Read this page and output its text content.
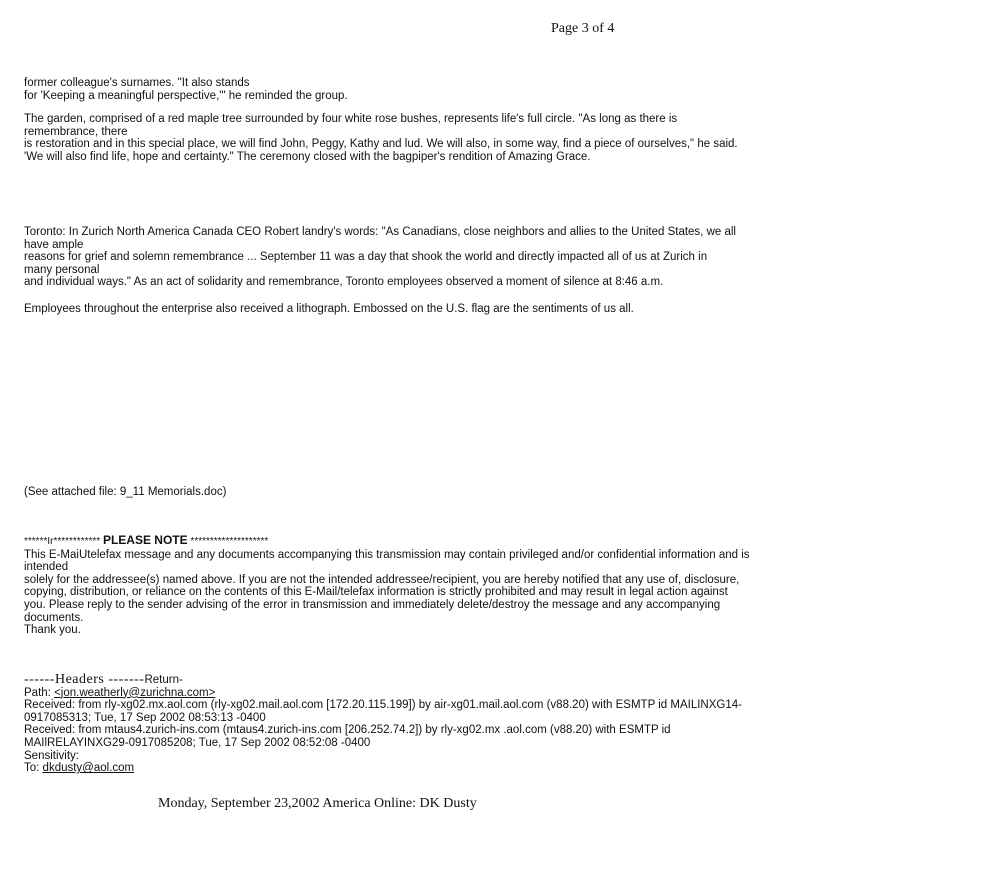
Page 3 of 4
former colleague's surnames. "It also stands
for 'Keeping a meaningful perspective,'" he reminded the group.
The garden, comprised of a red maple tree surrounded by four white rose bushes, represents life's full circle. "As long as there is
remembrance, there
is restoration and in this special place, we will find John, Peggy, Kathy and lud. We will also, in some way, find a piece of ourselves," he said.
'We will also find life, hope and certainty." The ceremony closed with the bagpiper's rendition of Amazing Grace.
Toronto: In Zurich North America Canada CEO Robert landry's words: "As Canadians, close neighbors and allies to the United States, we all
have ample
reasons for grief and solemn remembrance ... September 11 was a day that shook the world and directly impacted all of us at Zurich in
many personal
and individual ways." As an act of solidarity and remembrance, Toronto employees observed a moment of silence at 8:46 a.m.
Employees throughout the enterprise also received a lithograph. Embossed on the U.S. flag are the sentiments of us all.
(See attached file: 9_11 Memorials.doc)
******Ir************ PLEASE NOTE ********************
This E-MaiUtelefax message and any documents accompanying this transmission may contain privileged and/or confidential information and is
intended
solely for the addressee(s) named above. If you are not the intended addressee/recipient, you are hereby notified that any use of, disclosure,
copying, distribution, or reliance on the contents of this E-Mail/telefax information is strictly prohibited and may result in legal action against
you. Please reply to the sender advising of the error in transmission and immediately delete/destroy the message and any accompanying
documents.
Thank you.
------Headers -------Return-
Path: <jon.weatherly@zurichna.com>
Received: from rly-xg02.mx.aol.com (rly-xg02.mail.aol.com [172.20.115.199]) by air-xg01.mail.aol.com (v88.20) with ESMTP id MAILINXG14-
0917085313; Tue, 17 Sep 2002 08:53:13 -0400
Received: from mtaus4.zurich-ins.com (mtaus4.zurich-ins.com [206.252.74.2]) by rly-xg02.mx .aol.com (v88.20) with ESMTP id
MAIlRELAYINXG29-0917085208; Tue, 17 Sep 2002 08:52:08 -0400
Sensitivity:
To: dkdusty@aol.com
Monday, September 23,2002 America Online: DK Dusty
